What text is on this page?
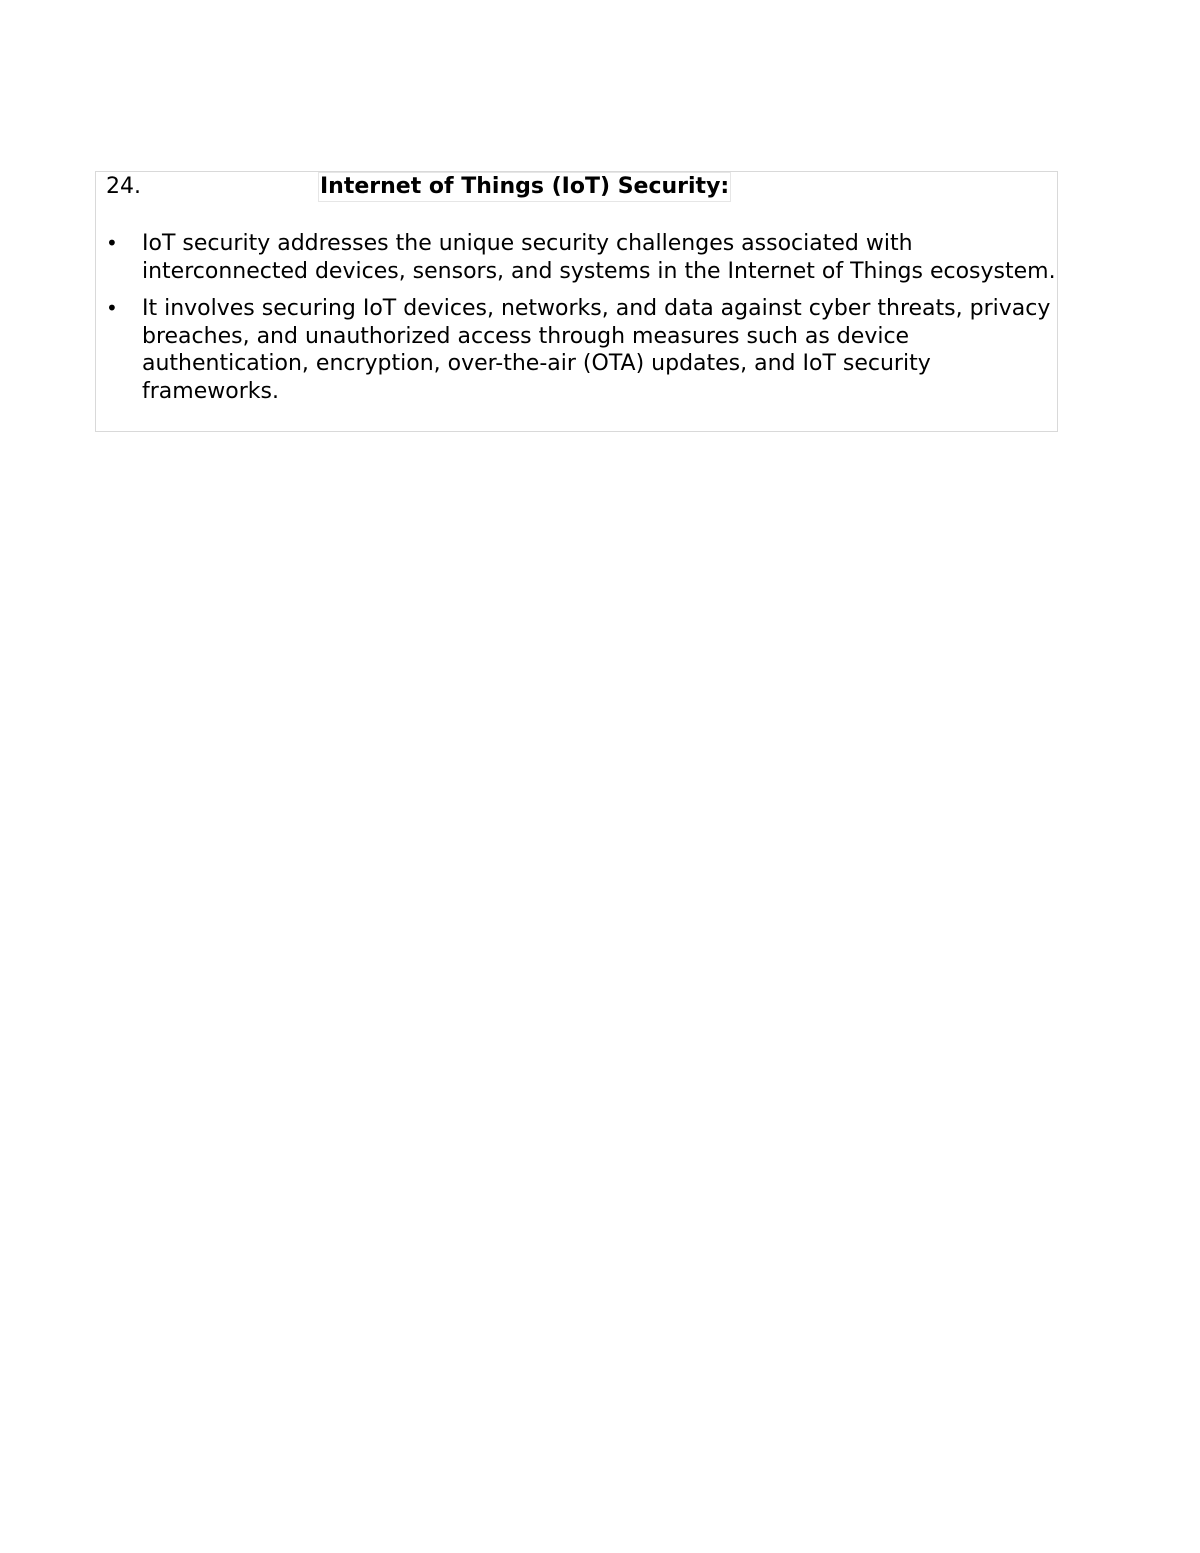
24.	Internet of Things (IoT) Security:
• IoT security addresses the unique security challenges associated with interconnected devices, sensors, and systems in the Internet of Things ecosystem.
• It involves securing IoT devices, networks, and data against cyber threats, privacy breaches, and unauthorized access through measures such as device authentication, encryption, over-the-air (OTA) updates, and IoT security frameworks.
